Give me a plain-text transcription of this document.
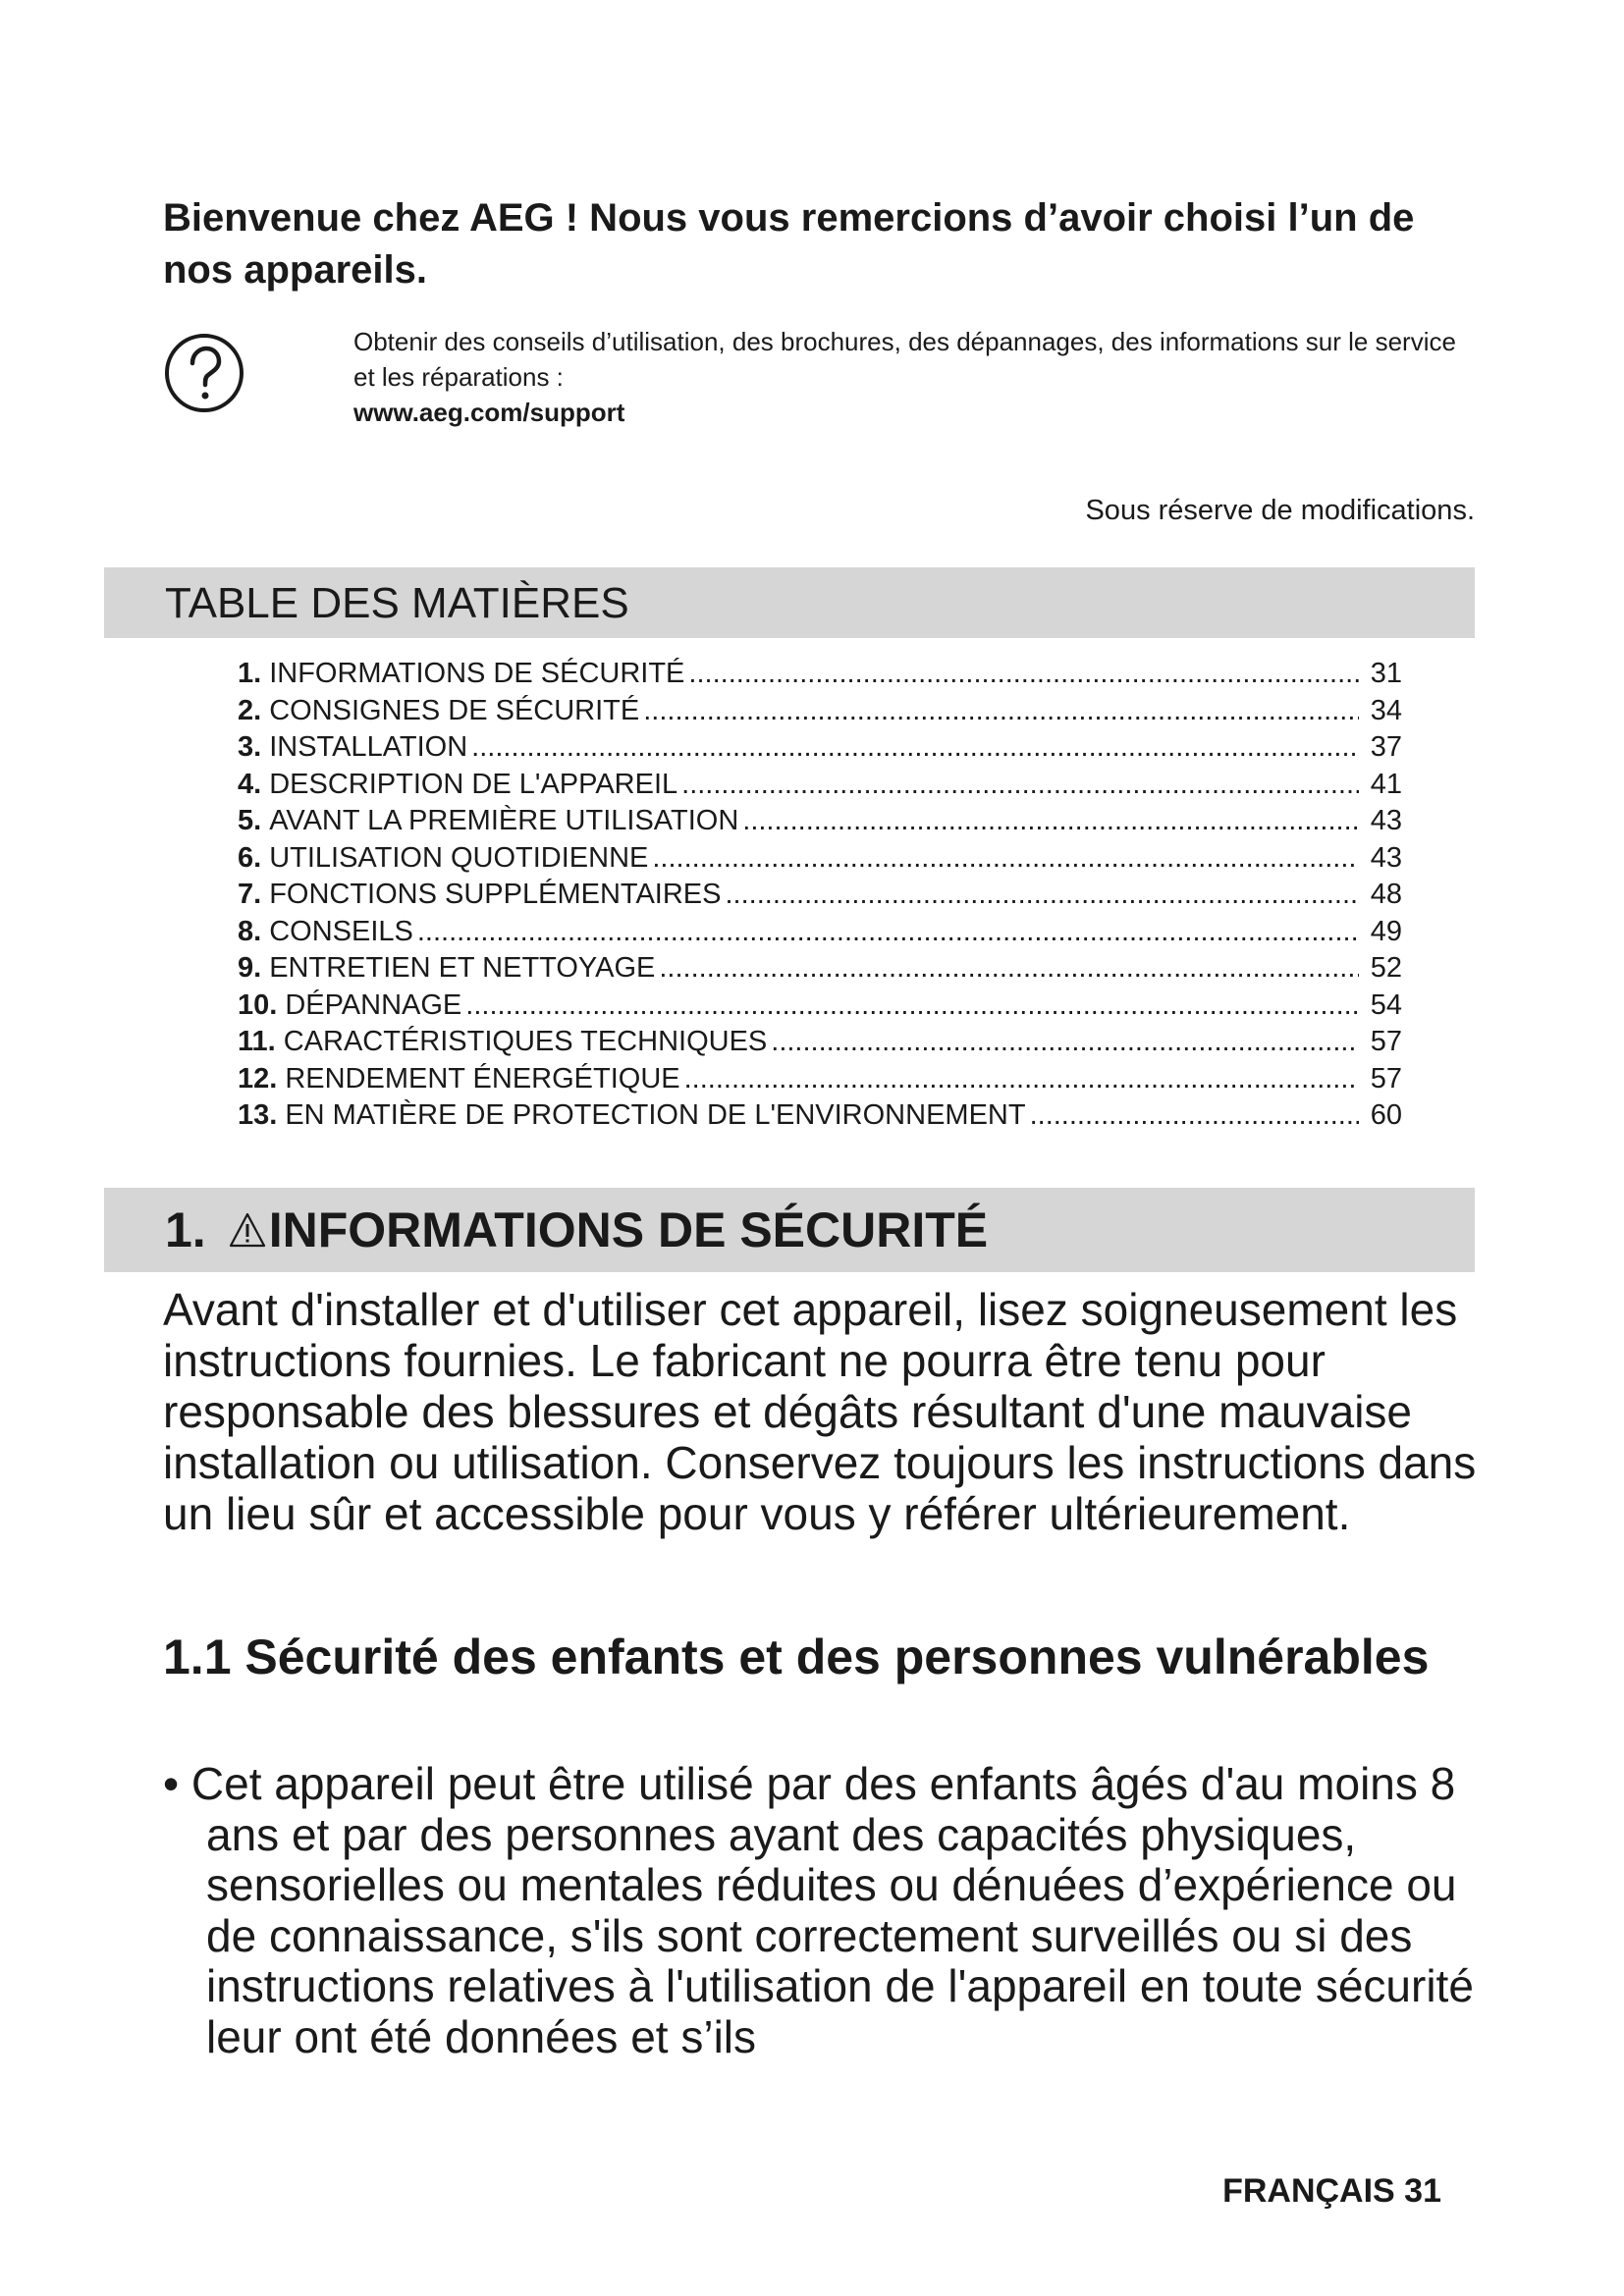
Bienvenue chez AEG ! Nous vous remercions d’avoir choisi l’un de nos appareils.
Obtenir des conseils d’utilisation, des brochures, des dépannages, des informations sur le service et les réparations :
www.aeg.com/support
Sous réserve de modifications.
TABLE DES MATIÈRES
1. INFORMATIONS DE SÉCURITÉ .....	31
2. CONSIGNES DE SÉCURITÉ .....	34
3. INSTALLATION .....	37
4. DESCRIPTION DE L'APPAREIL .....	41
5. AVANT LA PREMIÈRE UTILISATION .....	43
6. UTILISATION QUOTIDIENNE .....	43
7. FONCTIONS SUPPLÉMENTAIRES .....	48
8. CONSEILS .....	49
9. ENTRETIEN ET NETTOYAGE .....	52
10. DÉPANNAGE .....	54
11. CARACTÉRISTIQUES TECHNIQUES .....	57
12. RENDEMENT ÉNERGÉTIQUE .....	57
13. EN MATIÈRE DE PROTECTION DE L'ENVIRONNEMENT .....	60
1. INFORMATIONS DE SÉCURITÉ

Avant d'installer et d'utiliser cet appareil, lisez soigneusement les instructions fournies. Le fabricant ne pourra être tenu pour responsable des blessures et dégâts résultant d'une mauvaise installation ou utilisation. Conservez toujours les instructions dans un lieu sûr et accessible pour vous y référer ultérieurement.

1.1 Sécurité des enfants et des personnes vulnérables

• Cet appareil peut être utilisé par des enfants âgés d'au moins 8 ans et par des personnes ayant des capacités physiques, sensorielles ou mentales réduites ou dénuées d’expérience ou de connaissance, s'ils sont correctement surveillés ou si des instructions relatives à l'utilisation de l'appareil en toute sécurité leur ont été données et s’ils

FRANÇAIS 31
